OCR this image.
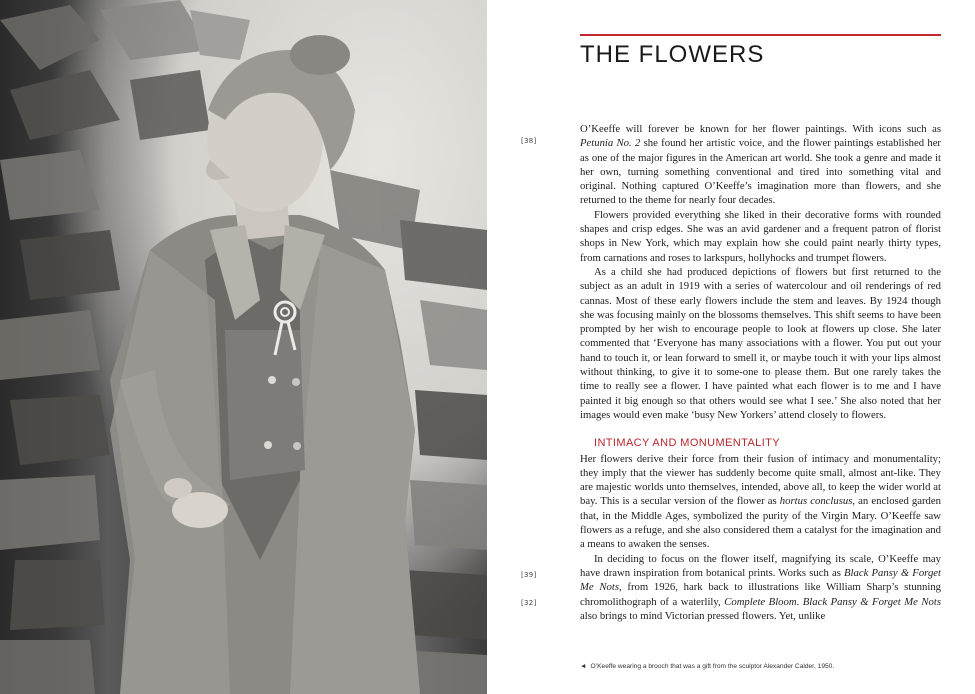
THE FLOWERS

O’Keeffe will forever be known for her flower paintings. With icons such as Petunia No. 2 she found her artistic voice, and the flower paintings established her as one of the major figures in the American art world. She took a genre and made it her own, turning something conventional and tired into something vital and original. Nothing captured O’Keeffe’s imagination more than flowers, and she returned to the theme for nearly four decades.

Flowers provided everything she liked in their decorative forms with rounded shapes and crisp edges. She was an avid gardener and a frequent patron of florist shops in New York, which may explain how she could paint nearly thirty types, from carnations and roses to larkspurs, hollyhocks and trumpet flowers.

As a child she had produced depictions of flowers but first returned to the subject as an adult in 1919 with a series of watercolour and oil renderings of red cannas. Most of these early flowers include the stem and leaves. By 1924 though she was focusing mainly on the blossoms themselves. This shift seems to have been prompted by her wish to encourage people to look at flowers up close. She later commented that ‘Everyone has many associations with a flower. You put out your hand to touch it, or lean forward to smell it, or maybe touch it with your lips almost without thinking, to give it to some-one to please them. But one rarely takes the time to really see a flower. I have painted what each flower is to me and I have painted it big enough so that others would see what I see.’ She also noted that her images would even make ‘busy New Yorkers’ attend closely to flowers.

INTIMACY AND MONUMENTALITY

Her flowers derive their force from their fusion of intimacy and monumentality; they imply that the viewer has suddenly become quite small, almost ant-like. They are majestic worlds unto themselves, intended, above all, to keep the wider world at bay. This is a secular version of the flower as hortus conclusus, an enclosed garden that, in the Middle Ages, symbolized the purity of the Virgin Mary. O’Keeffe saw flowers as a refuge, and she also considered them a catalyst for the imagination and a means to awaken the senses.

In deciding to focus on the flower itself, magnifying its scale, O’Keeffe may have drawn inspiration from botanical prints. Works such as Black Pansy & Forget Me Nots, from 1926, hark back to illustrations like William Sharp’s stunning chromolithograph of a waterlily, Complete Bloom. Black Pansy & Forget Me Nots also brings to mind Victorian pressed flowers. Yet, unlike

[38]
[39]
[32]
◄ O’Keeffe wearing a brooch that was a gift from the sculptor Alexander Calder, 1950.
